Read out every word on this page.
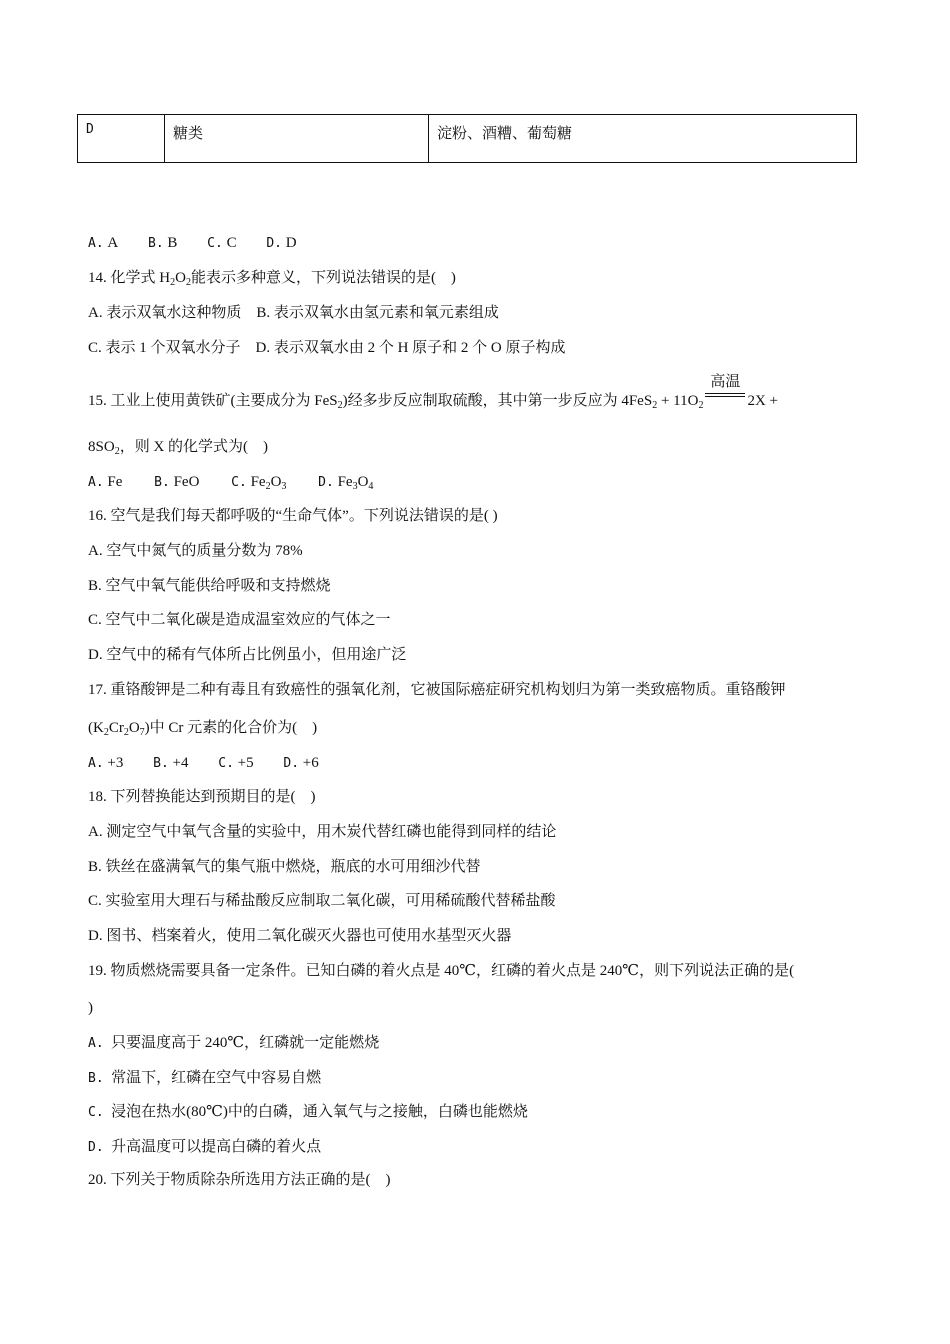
D	糖类	淀粉、酒糟、葡萄糖
A. A B. B C. C D. D
14. 化学式 $H_2O_2$能表示多种意义，下列说法错误的是(　)
A. 表示双氧水这种物质　B. 表示双氧水由氢元素和氧元素组成
C. 表示 1 个双氧水分子　D. 表示双氧水由 2 个 H 原子和 2 个 O 原子构成
15. 工业上使用黄铁矿(主要成分为 FeS$_2$)经多步反应制取硫酸，其中第一步反应为 $4FeS_2 + 11O_2$
高温
2X +
$8SO_2$，则 X 的化学式为(　)
A. Fe B. FeO C. $Fe_2O_3$ D. $Fe_3O_4$
16. 空气是我们每天都呼吸的“生命气体”。下列说法错误的是( )
A. 空气中氮气的质量分数为 78%
B. 空气中氧气能供给呼吸和支持燃烧
C. 空气中二氧化碳是造成温室效应的气体之一
D. 空气中的稀有气体所占比例虽小，但用途广泛
17. 重铬酸钾是二种有毒且有致癌性的强氧化剂，它被国际癌症研究机构划归为第一类致癌物质。重铬酸钾
$(K_2Cr_2O_7)$中 Cr 元素的化合价为(　)
A. +3 B. +4 C. +5 D. +6
18. 下列替换能达到预期目的是(　)
A. 测定空气中氧气含量的实验中，用木炭代替红磷也能得到同样的结论
B. 铁丝在盛满氧气的集气瓶中燃烧，瓶底的水可用细沙代替
C. 实验室用大理石与稀盐酸反应制取二氧化碳，可用稀硫酸代替稀盐酸
D. 图书、档案着火，使用二氧化碳灭火器也可使用水基型灭火器
19. 物质燃烧需要具备一定条件。已知白磷的着火点是 40℃，红磷的着火点是 240℃，则下列说法正确的是(
)
A. 只要温度高于 240℃，红磷就一定能燃烧
B. 常温下，红磷在空气中容易自燃
C. 浸泡在热水(80℃)中的白磷，通入氧气与之接触，白磷也能燃烧
D. 升高温度可以提高白磷的着火点
20. 下列关于物质除杂所选用方法正确的是(　)
